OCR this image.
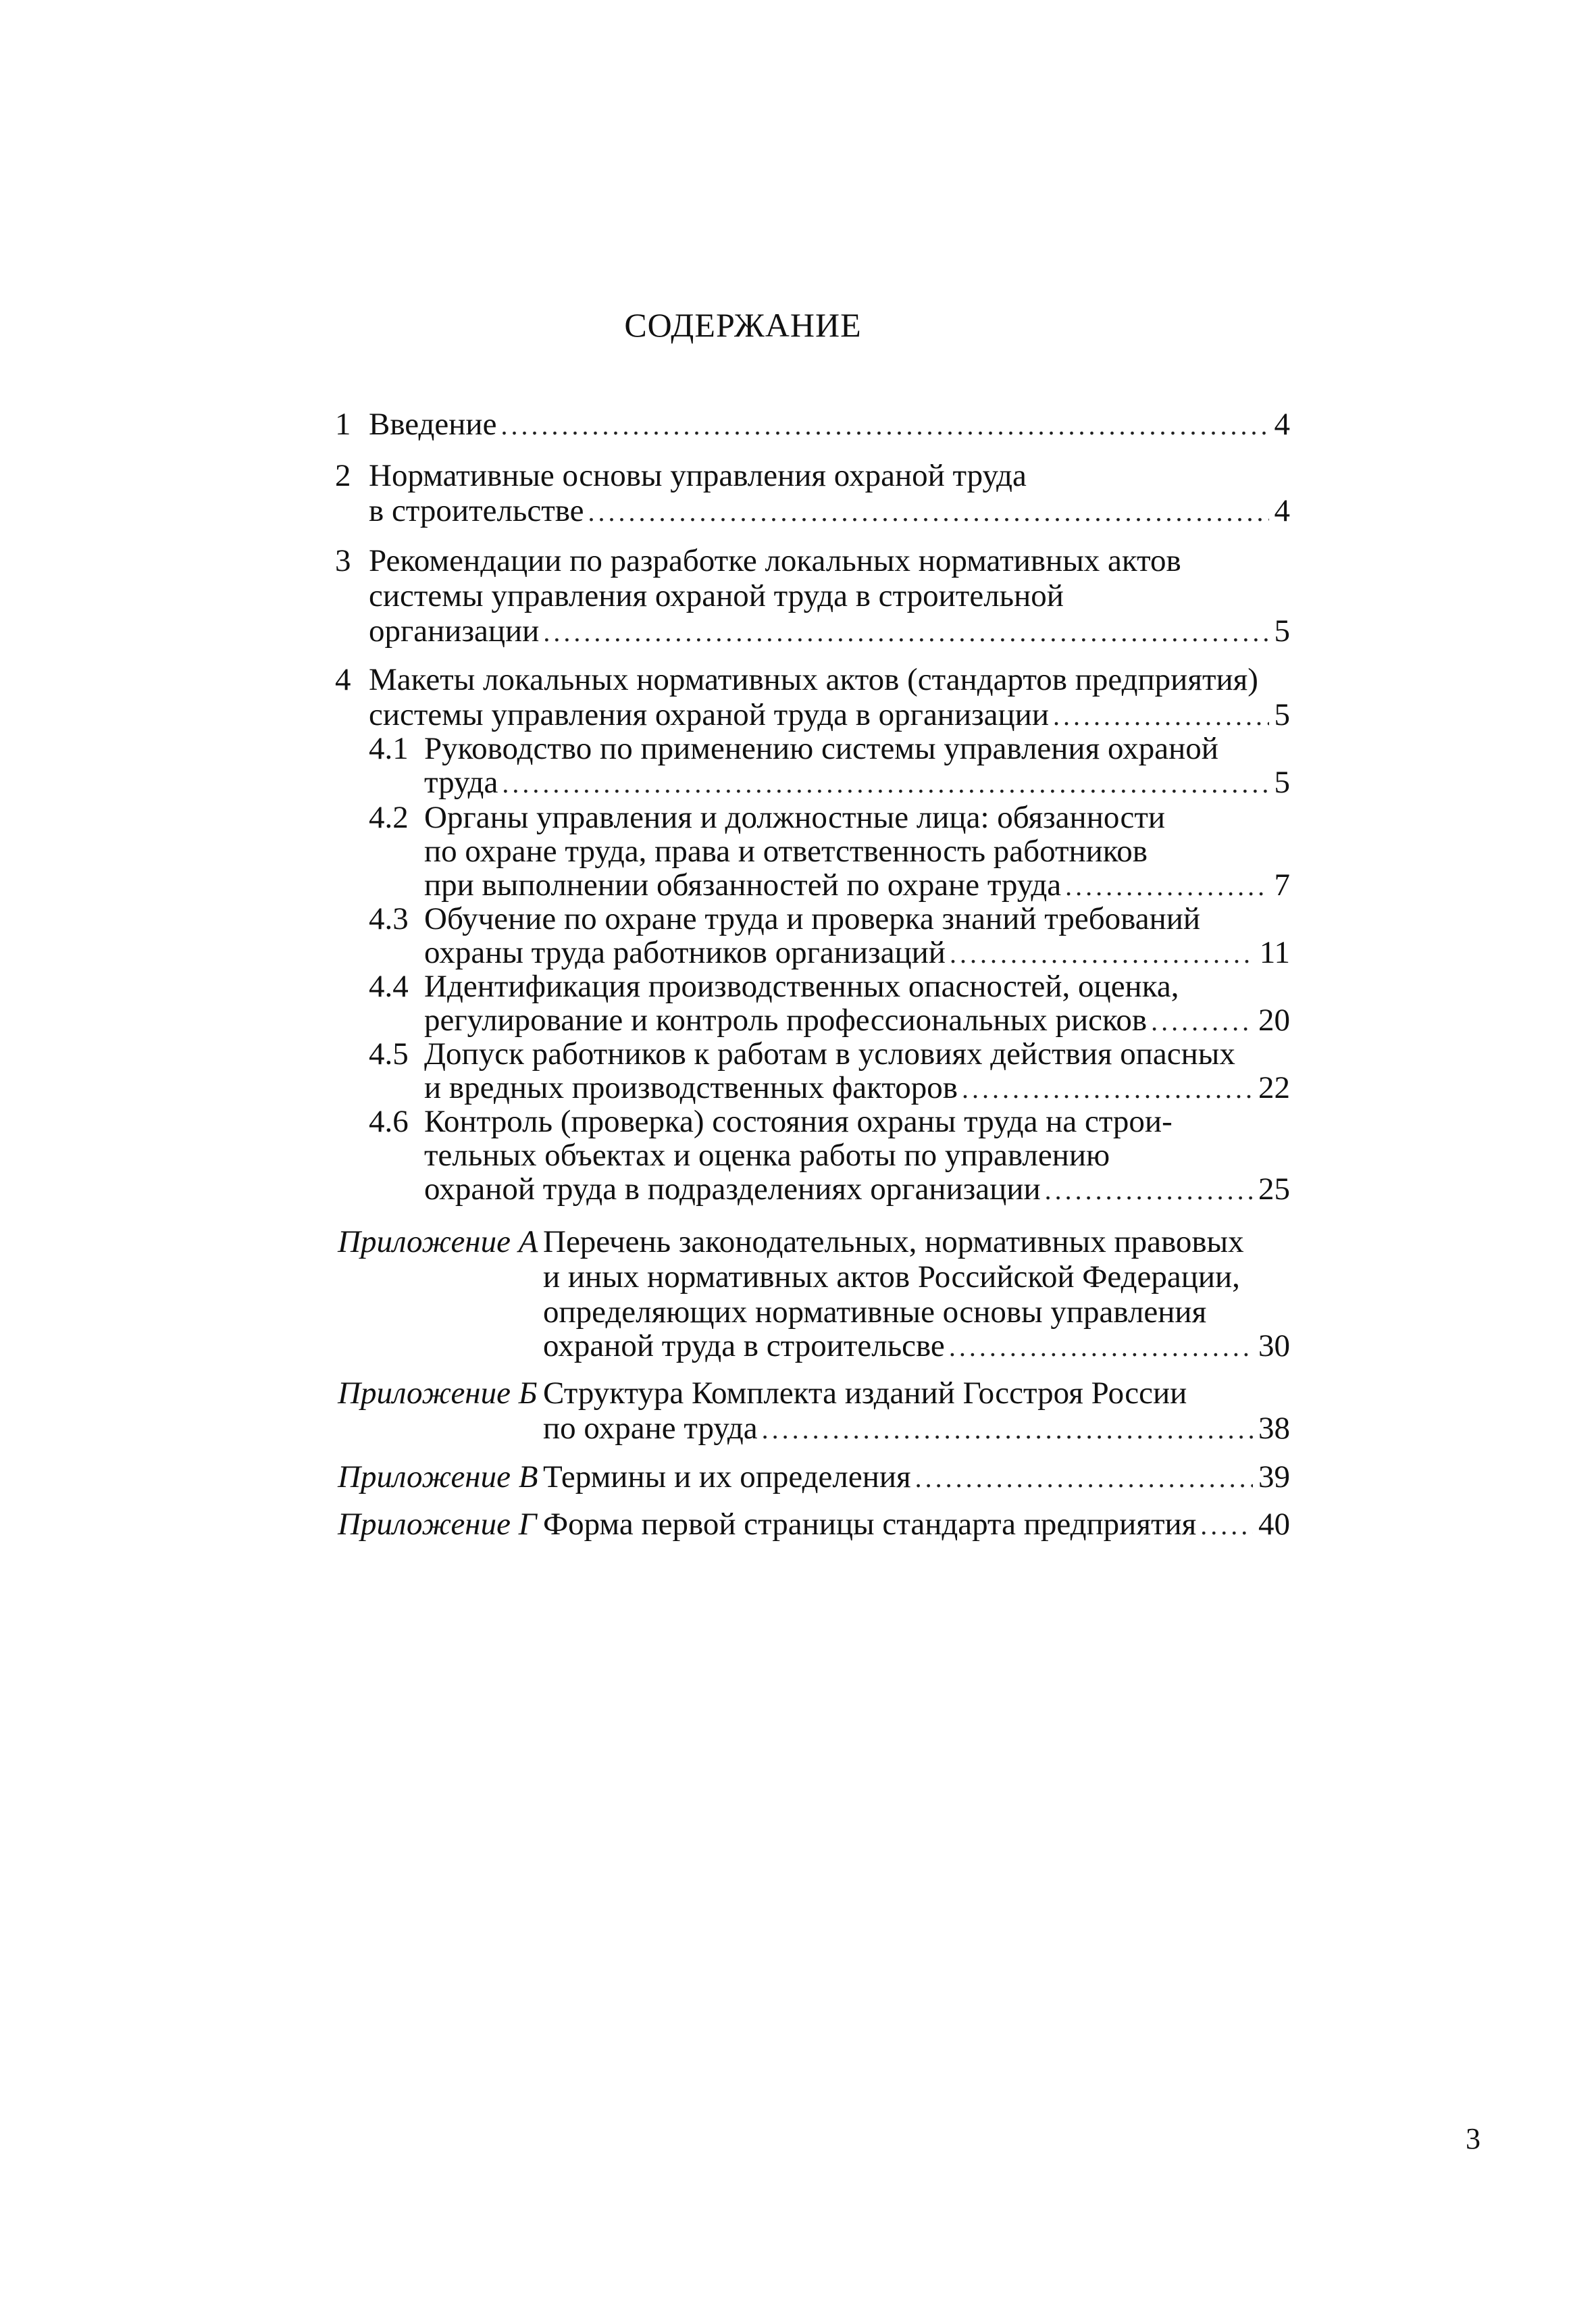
СОДЕРЖАНИЕ
1 Введение .....	4
2 Нормативные основы управления охраной труда
в строительстве .....	4
3 Рекомендации по разработке локальных нормативных актов
системы управления охраной труда в строительной
организации .....	5
4 Макеты локальных нормативных актов (стандартов предприятия)
системы управления охраной труда в организации .....	5
4.1 Руководство по применению системы управления охраной
труда .....	5
4.2 Органы управления и должностные лица: обязанности
по охране труда, права и ответственность работников
при выполнении обязанностей по охране труда .....	7
4.3 Обучение по охране труда и проверка знаний требований
охраны труда работников организаций .....	11
4.4 Идентификация производственных опасностей, оценка,
регулирование и контроль профессиональных рисков .....	20
4.5 Допуск работников к работам в условиях действия опасных
и вредных производственных факторов .....	22
4.6 Контроль (проверка) состояния охраны труда на строи-
тельных объектах и оценка работы по управлению
охраной труда в подразделениях организации .....	25
Приложение А Перечень законодательных, нормативных правовых
и иных нормативных актов Российской Федерации,
определяющих нормативные основы управления
охраной труда в строительсве .....	30
Приложение Б Структура Комплекта изданий Госстроя России
по охране труда .....	38
Приложение В Термины и их определения .....	39
Приложение Г Форма первой страницы стандарта предприятия ..... 40
3
